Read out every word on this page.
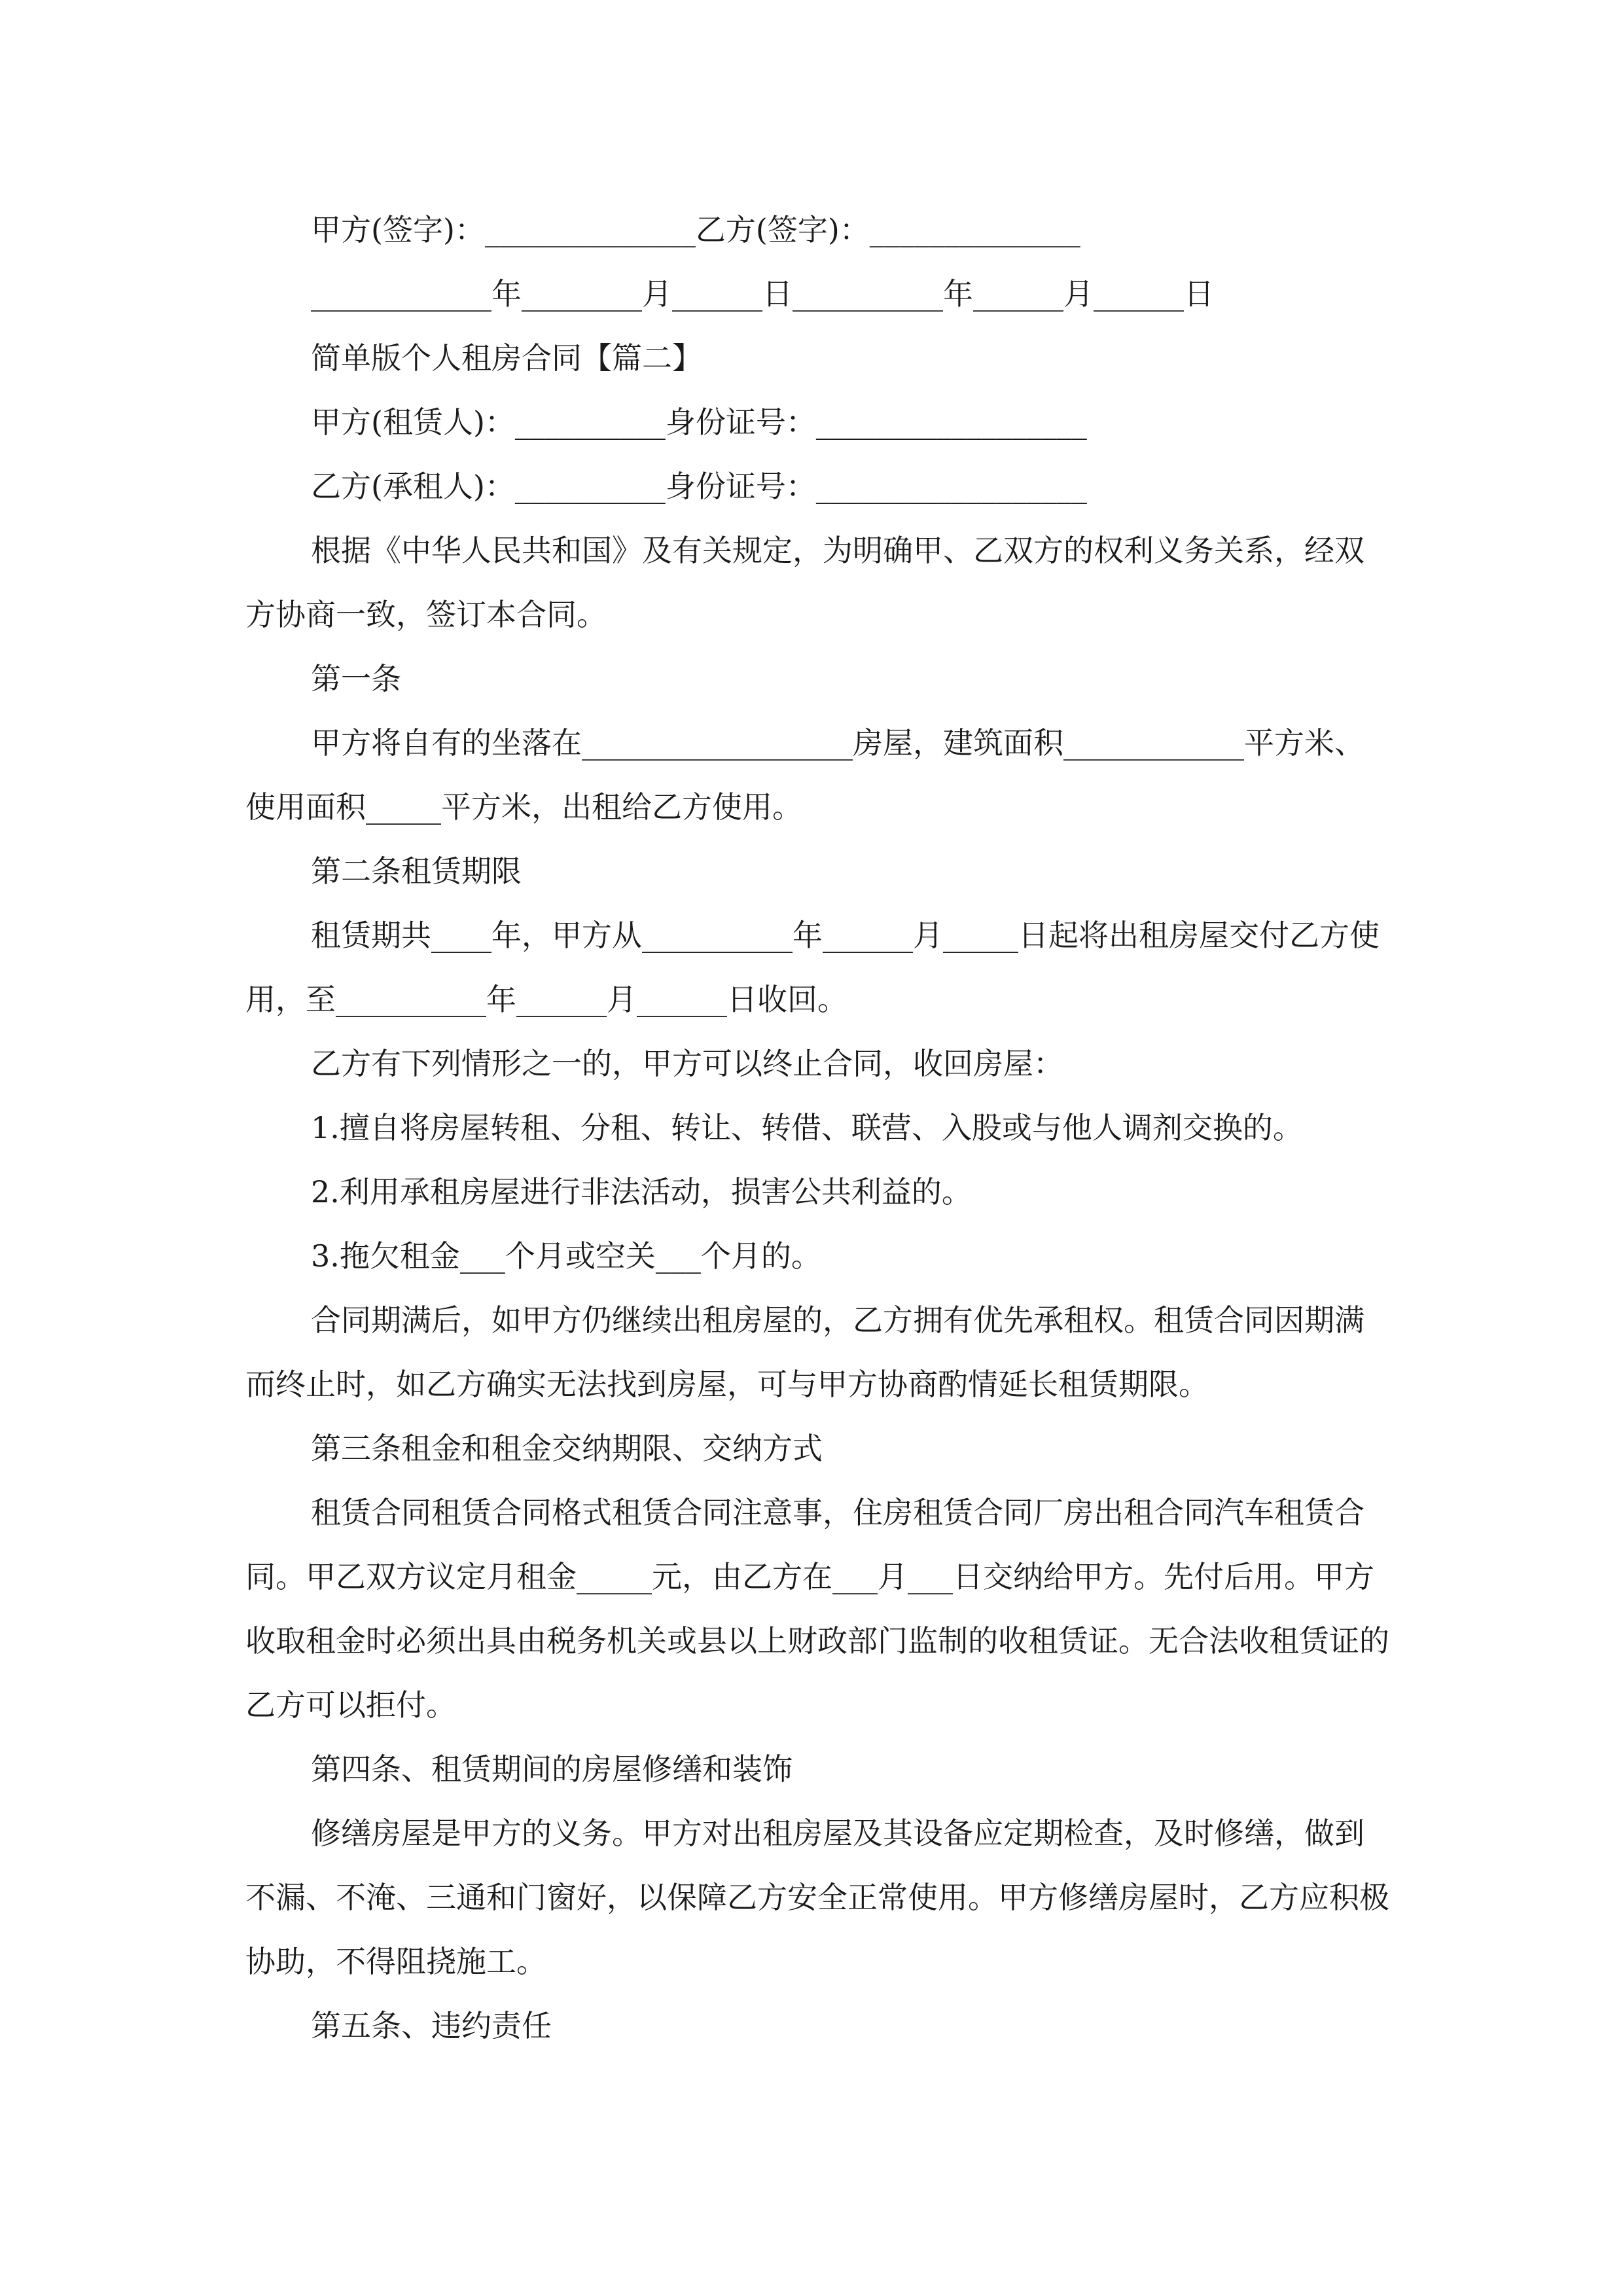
甲方(签字)：______________乙方(签字)：______________

____________年________月______日__________年______月______日

简单版个人租房合同【篇二】

甲方(租赁人)：__________身份证号：__________________

乙方(承租人)：__________身份证号：__________________

根据《中华人民共和国》及有关规定，为明确甲、乙双方的权利义务关系，经双方协商一致，签订本合同。

第一条

甲方将自有的坐落在__________________房屋，建筑面积____________平方米、使用面积_____平方米，出租给乙方使用。

第二条租赁期限

租赁期共____年，甲方从__________年______月_____日起将出租房屋交付乙方使用，至__________年______月______日收回。

乙方有下列情形之一的，甲方可以终止合同，收回房屋：

1.擅自将房屋转租、分租、转让、转借、联营、入股或与他人调剂交换的。

2.利用承租房屋进行非法活动，损害公共利益的。

3.拖欠租金___个月或空关___个月的。

合同期满后，如甲方仍继续出租房屋的，乙方拥有优先承租权。租赁合同因期满而终止时，如乙方确实无法找到房屋，可与甲方协商酌情延长租赁期限。

第三条租金和租金交纳期限、交纳方式

租赁合同租赁合同格式租赁合同注意事，住房租赁合同厂房出租合同汽车租赁合同。甲乙双方议定月租金_____元，由乙方在___月___日交纳给甲方。先付后用。甲方收取租金时必须出具由税务机关或县以上财政部门监制的收租赁证。无合法收租赁证的乙方可以拒付。

第四条、租赁期间的房屋修缮和装饰

修缮房屋是甲方的义务。甲方对出租房屋及其设备应定期检查，及时修缮，做到不漏、不淹、三通和门窗好，以保障乙方安全正常使用。甲方修缮房屋时，乙方应积极协助，不得阻挠施工。

第五条、违约责任
